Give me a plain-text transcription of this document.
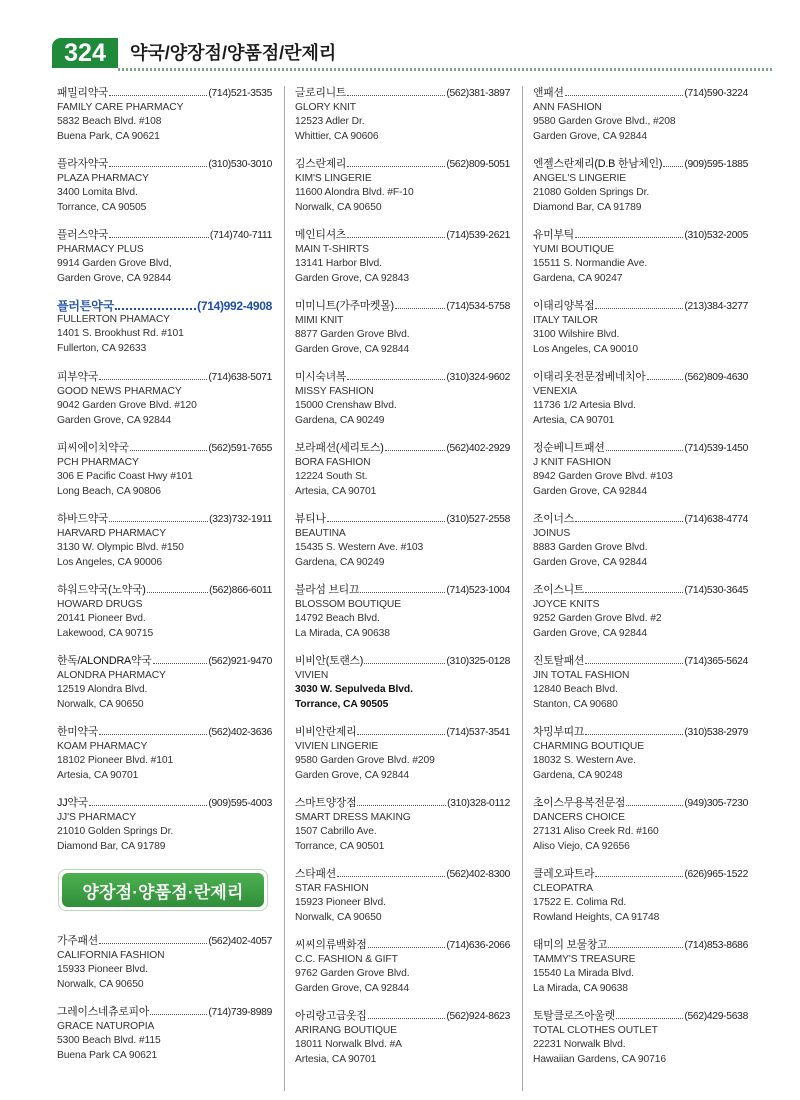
324	약국/양장점/양품점/란제리
패밀리약국	(714)521-3535
FAMILY CARE PHARMACY
5832 Beach Blvd. #108
Buena Park, CA 90621
플라자약국	(310)530-3010
PLAZA PHARMACY
3400 Lomita Blvd.
Torrance, CA 90505
플러스약국	(714)740-7111
PHARMACY PLUS
9914 Garden Grove Blvd,
Garden Grove, CA 92844
플러튼약국	(714)992-4908
FULLERTON PHAMACY
1401 S. Brookhust Rd. #101
Fullerton, CA 92633
피부약국	(714)638-5071
GOOD NEWS PHARMACY
9042 Garden Grove Blvd. #120
Garden Grove, CA 92844
피씨에이치약국	(562)591-7655
PCH PHARMACY
306 E Pacific Coast Hwy #101
Long Beach, CA 90806
하바드약국	(323)732-1911
HARVARD PHARMACY
3130 W. Olympic Blvd. #150
Los Angeles, CA 90006
하워드약국(노약국)	(562)866-6011
HOWARD DRUGS
20141 Pioneer Bvd.
Lakewood, CA 90715
한독/ALONDRA약국	(562)921-9470
ALONDRA PHARMACY
12519 Alondra Blvd.
Norwalk, CA 90650
한미약국	(562)402-3636
KOAM PHARMACY
18102 Pioneer Blvd. #101
Artesia, CA 90701
JJ약국	(909)595-4003
JJ'S PHARMACY
21010 Golden Springs Dr.
Diamond Bar, CA 91789
양장점·양품점·란제리
가주패션	(562)402-4057
CALIFORNIA FASHION
15933 Pioneer Blvd.
Norwalk, CA 90650
그레이스네츄로피아	(714)739-8989
GRACE NATUROPIA
5300 Beach Blvd. #115
Buena Park CA 90621
글로리니트	(562)381-3897
GLORY KNIT
12523 Adler Dr.
Whittier, CA 90606
김스란제리	(562)809-5051
KIM'S LINGERIE
11600 Alondra Blvd. #F-10
Norwalk, CA 90650
메인티셔츠	(714)539-2621
MAIN T-SHIRTS
13141 Harbor Blvd.
Garden Grove, CA 92843
미미니트(가주마켓몰)	(714)534-5758
MIMI KNIT
8877 Garden Grove Blvd.
Garden Grove, CA 92844
미시숙녀복	(310)324-9602
MISSY FASHION
15000 Crenshaw Blvd.
Gardena, CA 90249
보라패션(세리토스)	(562)402-2929
BORA FASHION
12224 South St.
Artesia, CA 90701
뷰티나	(310)527-2558
BEAUTINA
15435 S. Western Ave. #103
Gardena, CA 90249
블라섬 브티끄	(714)523-1004
BLOSSOM BOUTIQUE
14792 Beach Blvd.
La Mirada, CA 90638
비비안(토랜스)	(310)325-0128
VIVIEN
3030 W. Sepulveda Blvd.
Torrance, CA 90505
비비안란제리	(714)537-3541
VIVIEN LINGERIE
9580 Garden Grove Blvd. #209
Garden Grove, CA 92844
스마트양장점	(310)328-0112
SMART DRESS MAKING
1507 Cabrillo Ave.
Torrance, CA 90501
스타패션	(562)402-8300
STAR FASHION
15923 Pioneer Blvd.
Norwalk, CA 90650
씨씨의류백화점	(714)636-2066
C.C. FASHION & GIFT
9762 Garden Grove Blvd.
Garden Grove, CA 92844
아리랑고급옷집	(562)924-8623
ARIRANG BOUTIQUE
18011 Norwalk Blvd. #A
Artesia, CA 90701
앤패션	(714)590-3224
ANN FASHION
9580 Garden Grove Blvd., #208
Garden Grove, CA 92844
엔젤스란제리(D.B 한남체인) (909)595-1885
ANGEL'S LINGERIE
21080 Golden Springs Dr.
Diamond Bar, CA 91789
유미부틱	(310)532-2005
YUMI BOUTIQUE
15511 S. Normandie Ave.
Gardena, CA 90247
이태리양복점	(213)384-3277
ITALY TAILOR
3100 Wilshire Blvd.
Los Angeles, CA 90010
이태리옷전문점베네치아	(562)809-4630
VENEXIA
11736 1/2 Artesia Blvd.
Artesia, CA 90701
정순베니트패션	(714)539-1450
J KNIT FASHION
8942 Garden Grove Blvd. #103
Garden Grove, CA 92844
조이너스	(714)638-4774
JOINUS
8883 Garden Grove Blvd.
Garden Grove, CA 92844
조이스니트	(714)530-3645
JOYCE KNITS
9252 Garden Grove Blvd. #2
Garden Grove, CA 92844
진토탈패션	(714)365-5624
JIN TOTAL FASHION
12840 Beach Blvd.
Stanton, CA 90680
차밍부띠끄	(310)538-2979
CHARMING BOUTIQUE
18032 S. Western Ave.
Gardena, CA 90248
초이스무용복전문점	(949)305-7230
DANCERS CHOICE
27131 Aliso Creek Rd. #160
Aliso Viejo, CA 92656
클레오파트라	(626)965-1522
CLEOPATRA
17522 E. Colima Rd.
Rowland Heights, CA 91748
태미의 보물창고	(714)853-8686
TAMMY'S TREASURE
15540 La Mirada Blvd.
La Mirada, CA 90638
토탈클로즈아울렛	(562)429-5638
TOTAL CLOTHES OUTLET
22231 Norwalk Blvd.
Hawaiian Gardens, CA 90716
